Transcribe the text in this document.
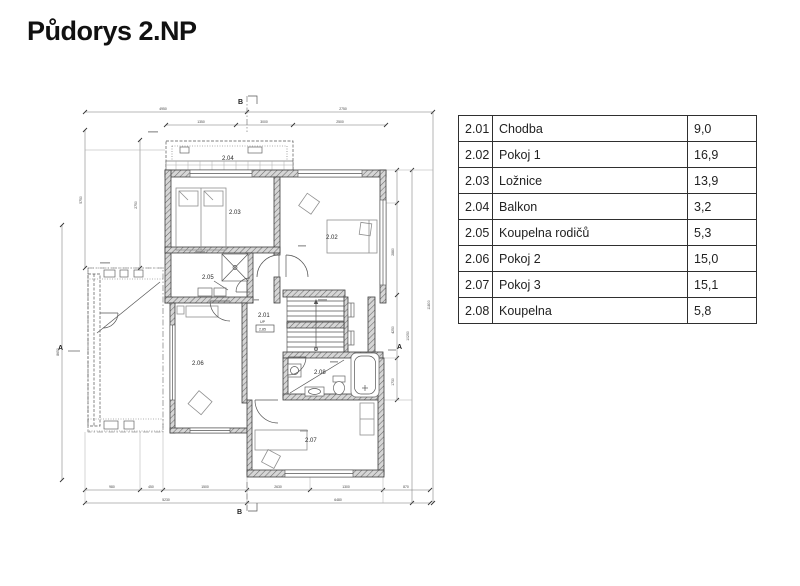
Půdorys 2.NP
4950	2750
1350	3000	2500
8650
5750
2750
2880
4250
1730
10250
11800
980	450	1500	2630	1300	870
5230	6480
B
B
A	A
2.01
UP
2,85
2.02
2.03
2.04
2.05
2.06
2.07
2.08
2.01	Chodba	9,0
2.02	Pokoj 1	16,9
2.03	Ložnice	13,9
2.04	Balkon	3,2
2.05	Koupelna rodičů	5,3
2.06	Pokoj 2	15,0
2.07	Pokoj 3	15,1
2.08	Koupelna	5,8
